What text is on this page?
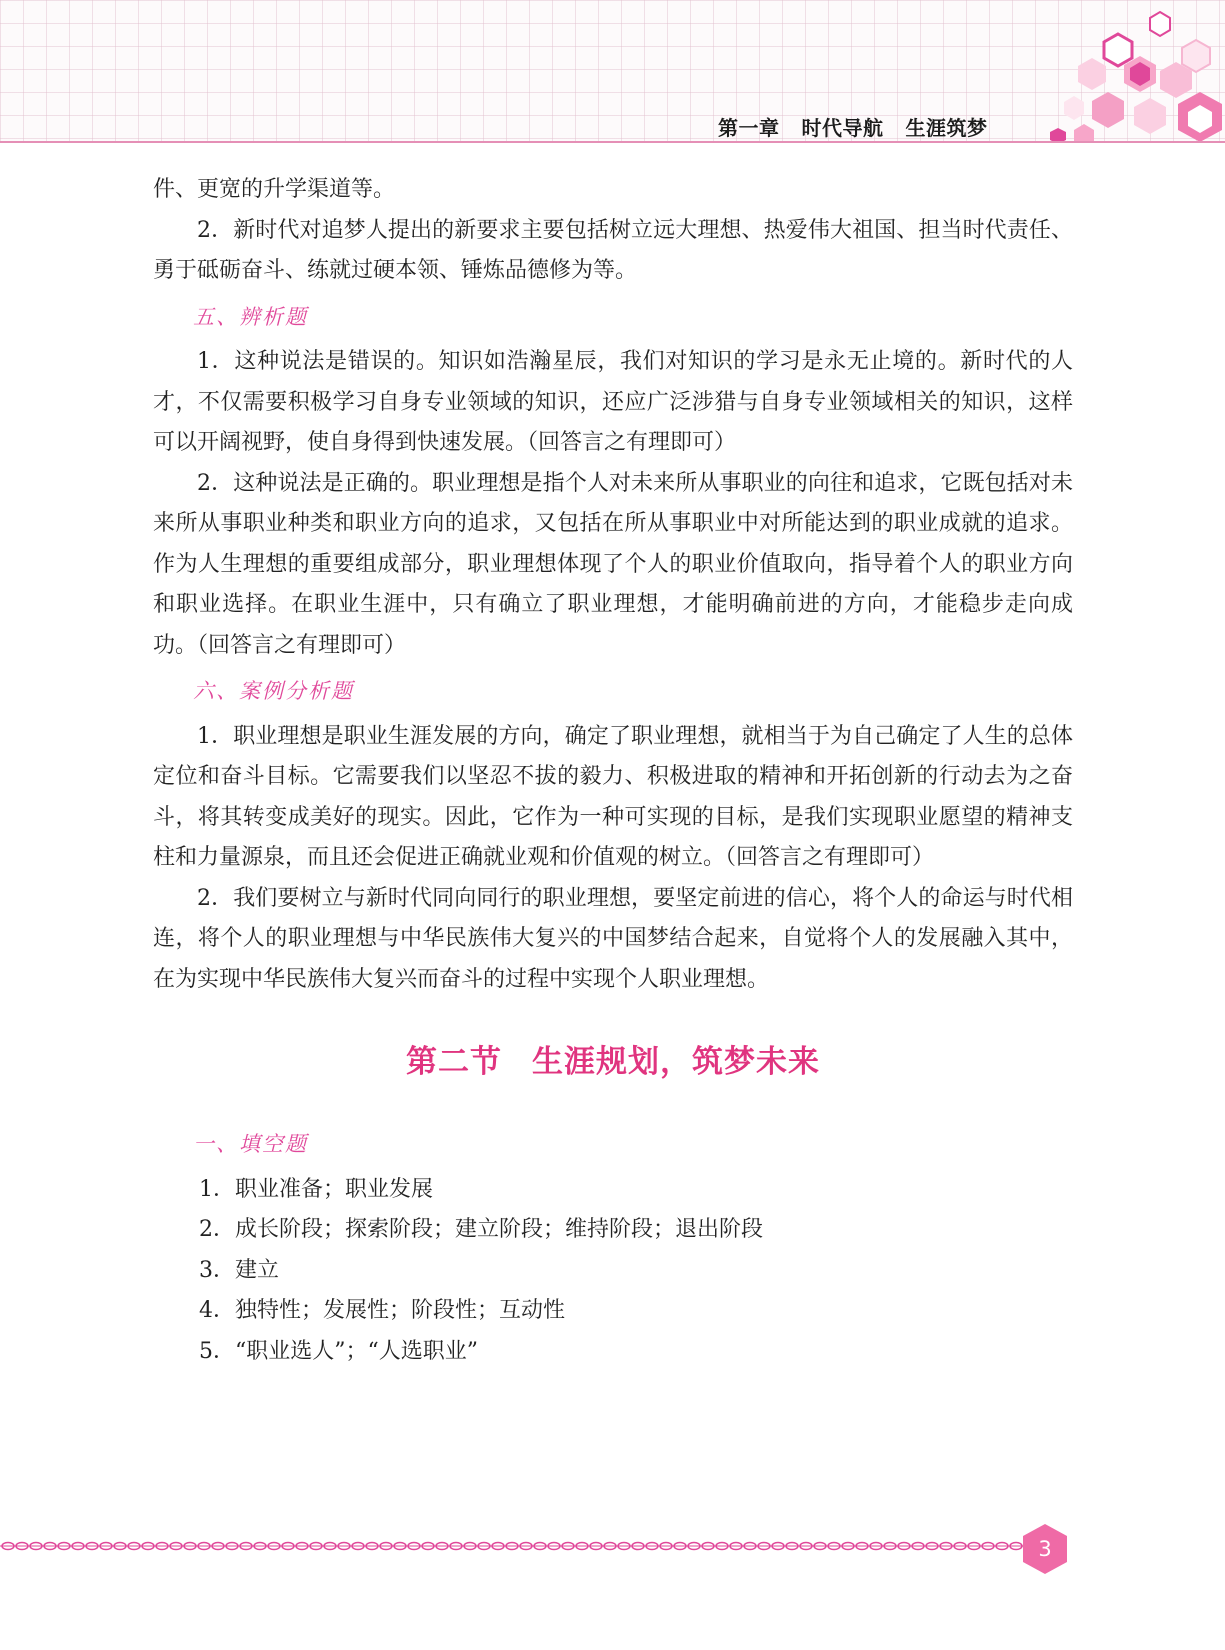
第一章 时代导航 生涯筑梦

件、更宽的升学渠道等。

2．新时代对追梦人提出的新要求主要包括树立远大理想、热爱伟大祖国、担当时代责任、勇于砥砺奋斗、练就过硬本领、锤炼品德修为等。

五、辨析题

1．这种说法是错误的。知识如浩瀚星辰，我们对知识的学习是永无止境的。新时代的人才，不仅需要积极学习自身专业领域的知识，还应广泛涉猎与自身专业领域相关的知识，这样可以开阔视野，使自身得到快速发展。（回答言之有理即可）

2．这种说法是正确的。职业理想是指个人对未来所从事职业的向往和追求，它既包括对未来所从事职业种类和职业方向的追求，又包括在所从事职业中对所能达到的职业成就的追求。作为人生理想的重要组成部分，职业理想体现了个人的职业价值取向，指导着个人的职业方向和职业选择。在职业生涯中，只有确立了职业理想，才能明确前进的方向，才能稳步走向成功。（回答言之有理即可）

六、案例分析题

1．职业理想是职业生涯发展的方向，确定了职业理想，就相当于为自己确定了人生的总体定位和奋斗目标。它需要我们以坚忍不拔的毅力、积极进取的精神和开拓创新的行动去为之奋斗，将其转变成美好的现实。因此，它作为一种可实现的目标，是我们实现职业愿望的精神支柱和力量源泉，而且还会促进正确就业观和价值观的树立。（回答言之有理即可）

2．我们要树立与新时代同向同行的职业理想，要坚定前进的信心，将个人的命运与时代相连，将个人的职业理想与中华民族伟大复兴的中国梦结合起来，自觉将个人的发展融入其中，在为实现中华民族伟大复兴而奋斗的过程中实现个人职业理想。

第二节 生涯规划，筑梦未来

一、填空题

1．职业准备；职业发展

2．成长阶段；探索阶段；建立阶段；维持阶段；退出阶段

3．建立

4．独特性；发展性；阶段性；互动性

5．“职业选人”；“人选职业”

3
